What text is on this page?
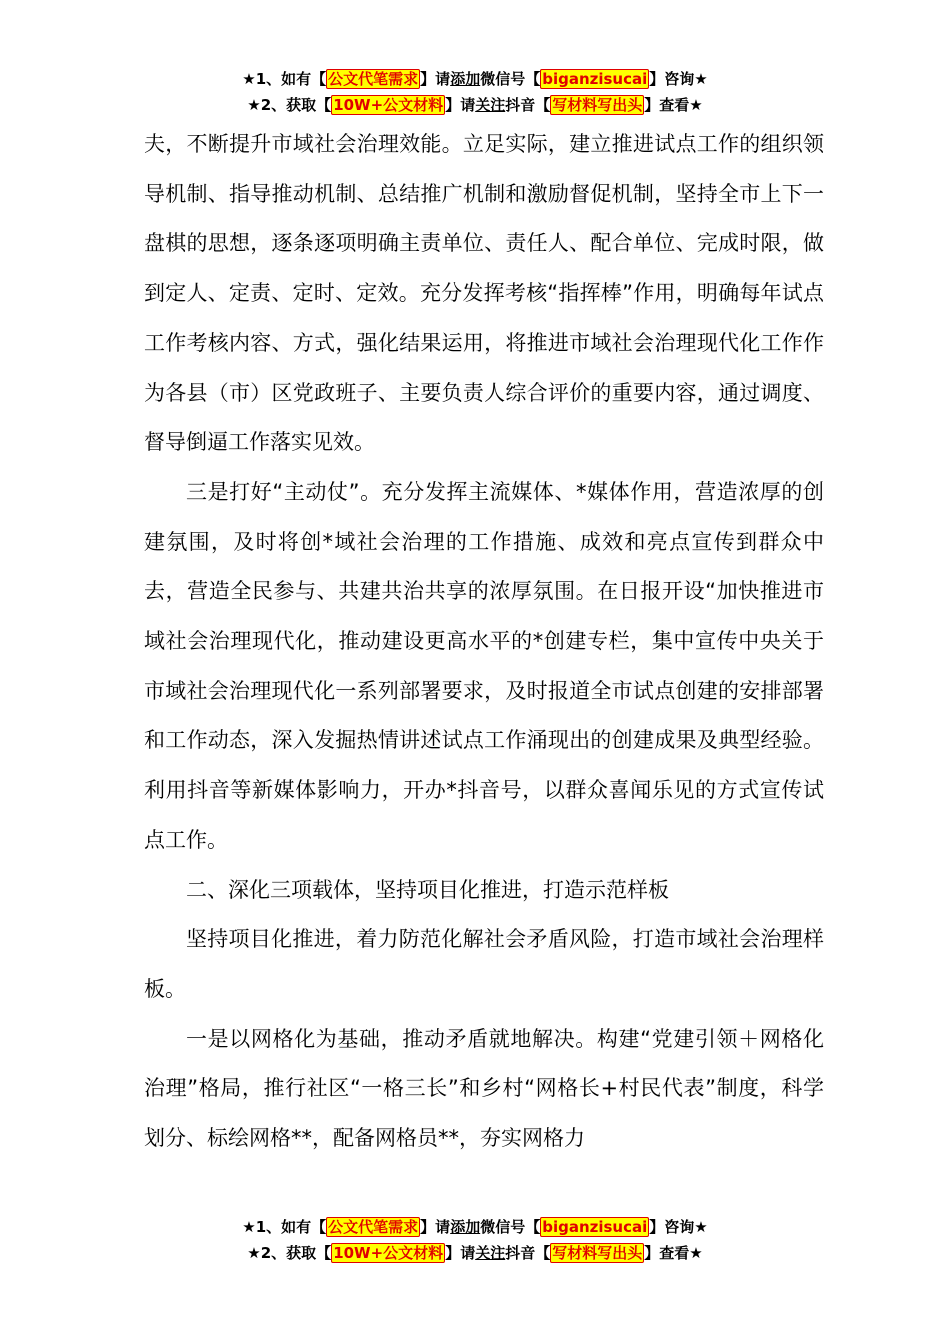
★1、如有【 公文代笔需求 】请添加微信号【 biganzisucai 】咨询★
★2、获取【 10W+公文材料 】请关注抖音【 写材料写出头 】查看★

夫，不断提升市域社会治理效能。立足实际，建立推进试点工作的组织领导机制、指导推动机制、总结推广机制和激励督促机制，坚持全市上下一盘棋的思想，逐条逐项明确主责单位、责任人、配合单位、完成时限，做到定人、定责、定时、定效。充分发挥考核“指挥棒”作用，明确每年试点工作考核内容、方式，强化结果运用，将推进市域社会治理现代化工作作为各县（市）区党政班子、主要负责人综合评价的重要内容，通过调度、督导倒逼工作落实见效。

三是打好“主动仗”。充分发挥主流媒体、*媒体作用，营造浓厚的创建氛围，及时将创*域社会治理的工作措施、成效和亮点宣传到群众中去，营造全民参与、共建共治共享的浓厚氛围。在日报开设“加快推进市域社会治理现代化，推动建设更高水平的*创建专栏，集中宣传中央关于市域社会治理现代化一系列部署要求，及时报道全市试点创建的安排部署和工作动态，深入发掘热情讲述试点工作涌现出的创建成果及典型经验。利用抖音等新媒体影响力，开办*抖音号，以群众喜闻乐见的方式宣传试点工作。

二、深化三项载体，坚持项目化推进，打造示范样板

坚持项目化推进，着力防范化解社会矛盾风险，打造市域社会治理样板。

一是以网格化为基础，推动矛盾就地解决。构建“党建引领＋网格化治理”格局，推行社区“一格三长”和乡村“网格长+村民代表”制度，科学划分、标绘网格**，配备网格员**，夯实网格力

★1、如有【 公文代笔需求 】请添加微信号【 biganzisucai 】咨询★
★2、获取【 10W+公文材料 】请关注抖音【 写材料写出头 】查看★
